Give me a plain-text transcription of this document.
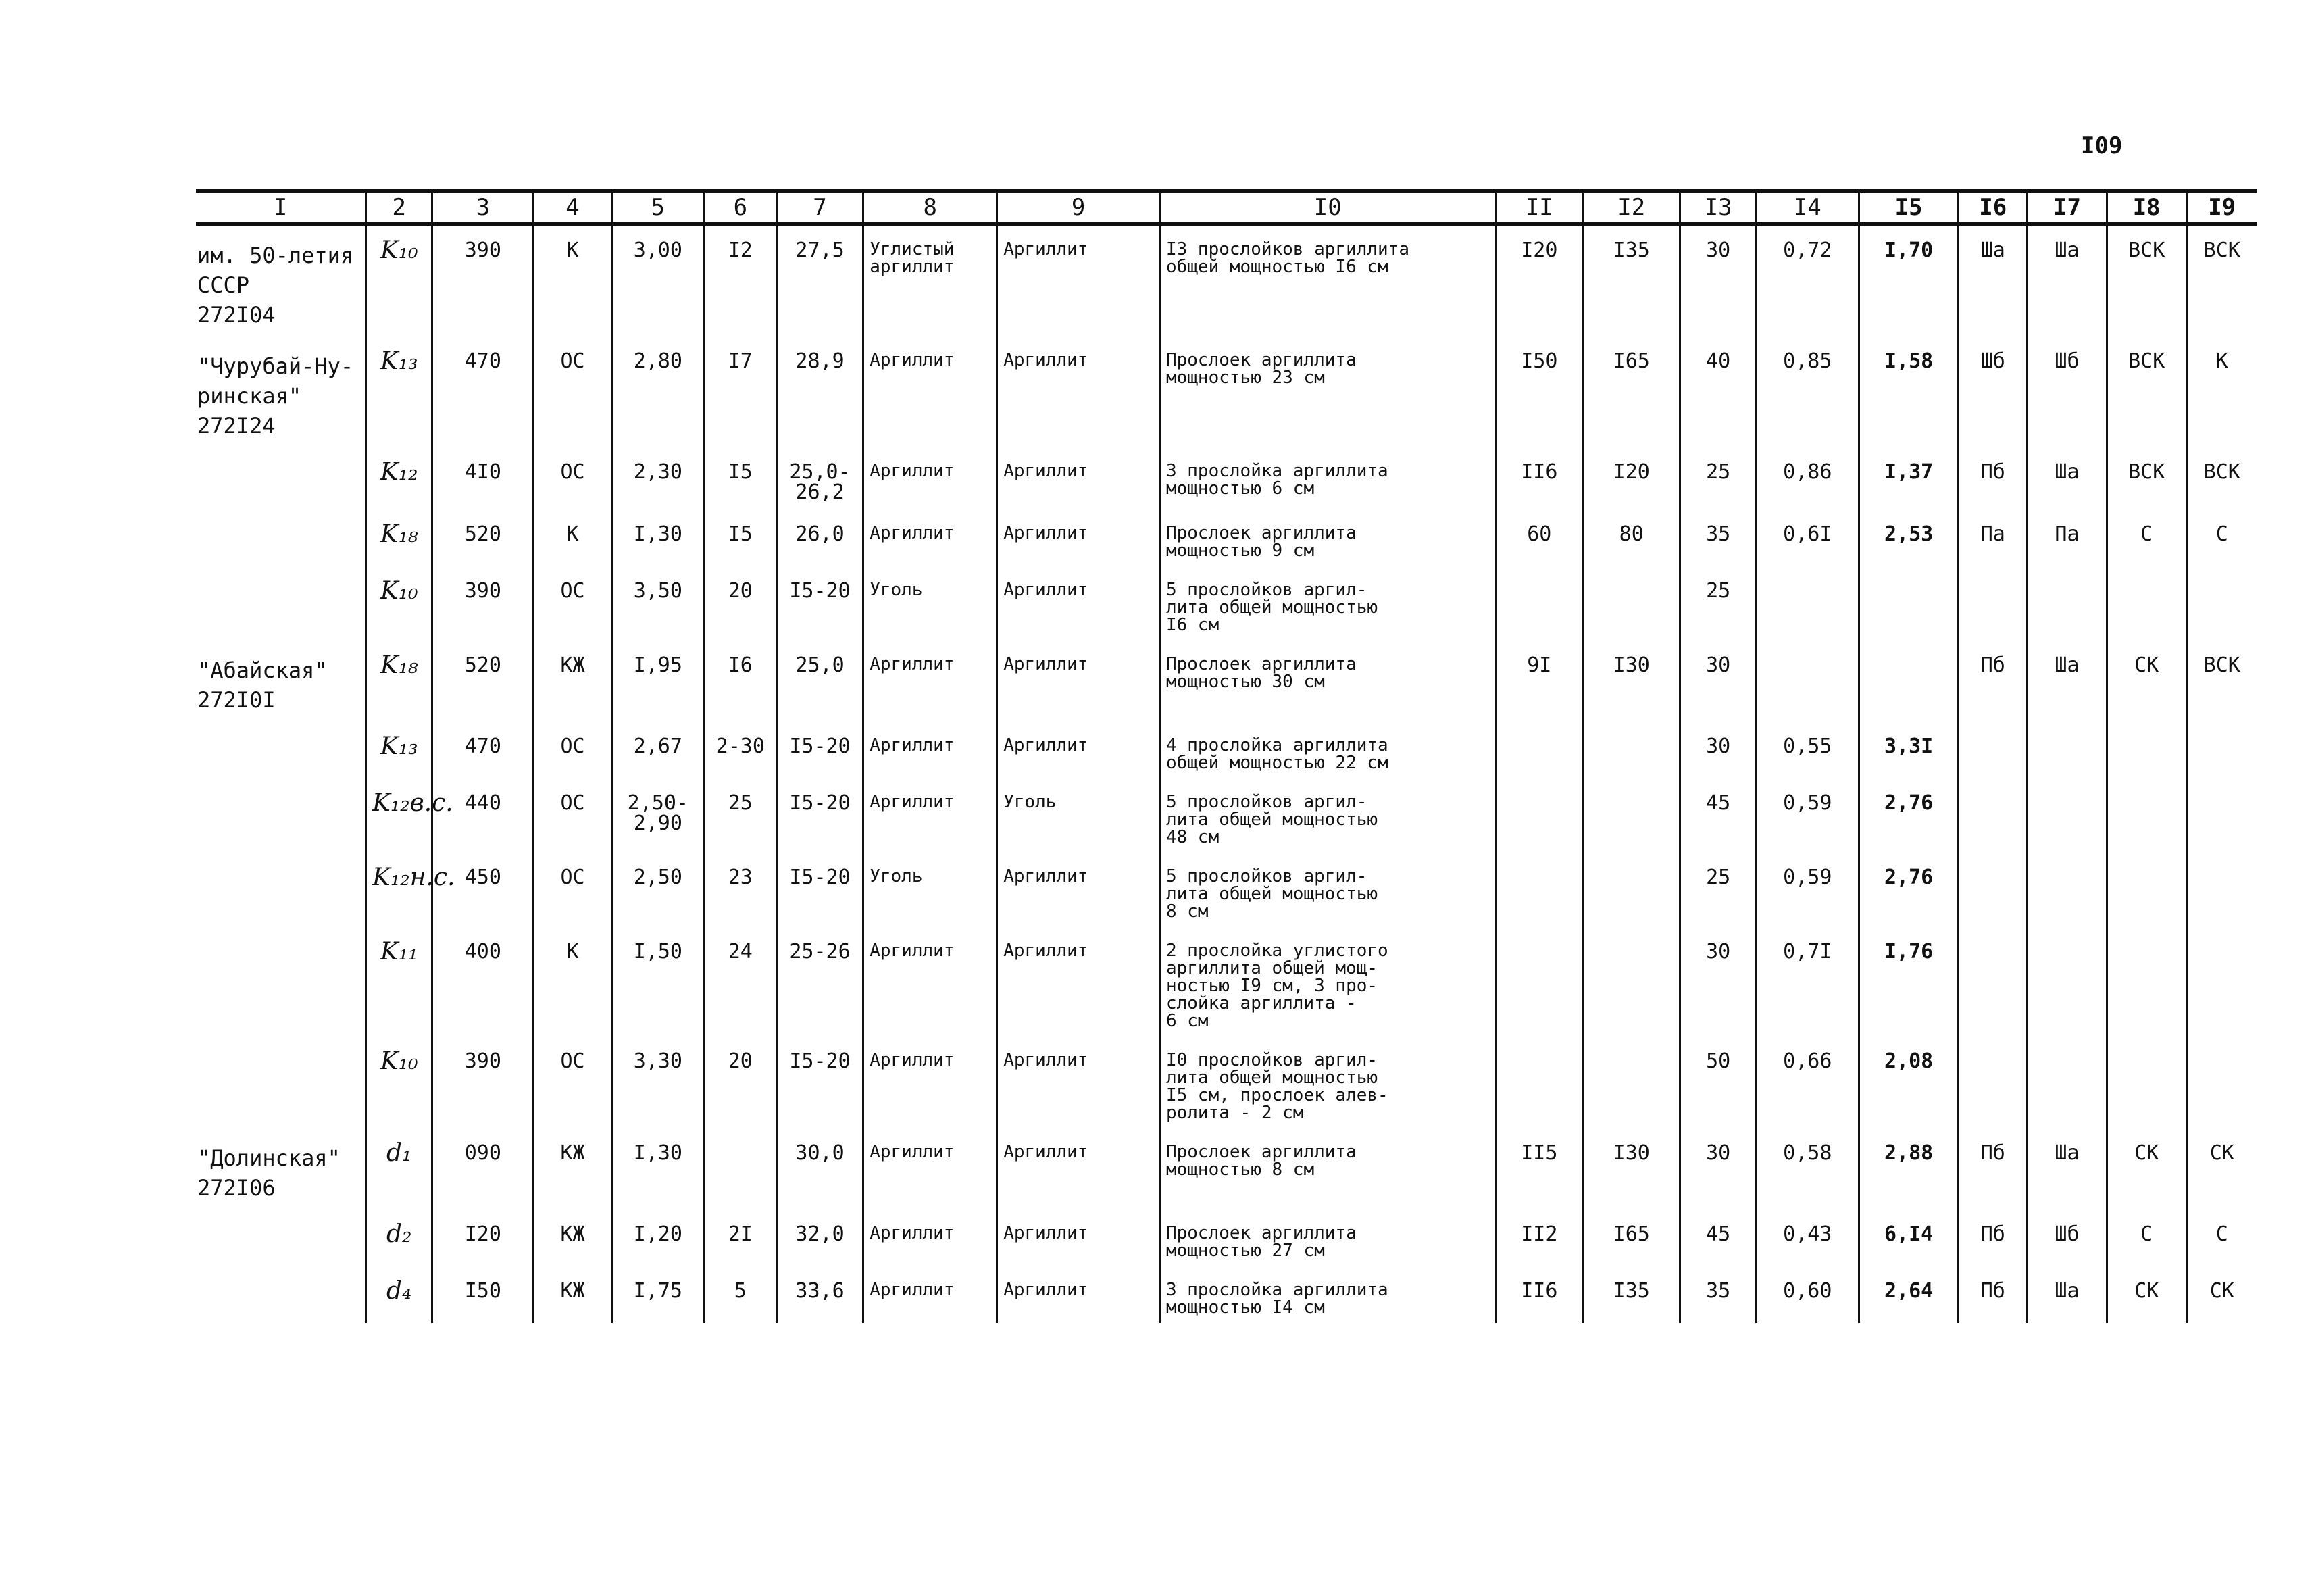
I09
I	2	3	4	5	6	7	8	9	I0	II	I2	I3	I4	I5	I6	I7	I8	I9
им. 50-летия
СССР
272I04	K₁₀	390	K	3,00	I2	27,5	Углистый
аргиллит	Аргиллит	I3 прослойков аргиллита
общей мощностью I6 см	I20	I35	30	0,72	I,70	Ша	Ша	ВСК	ВСК
"Чурубай-Ну-
ринская"
272I24	K₁₃	470	ОС	2,80	I7	28,9	Аргиллит	Аргиллит	Прослоек аргиллита
мощностью 23 см	I50	I65	40	0,85	I,58	Шб	Шб	ВСК	K
	K₁₂	4I0	ОС	2,30	I5	25,0-
26,2	Аргиллит	Аргиллит	3 прослойка аргиллита
мощностью 6 см	II6	I20	25	0,86	I,37	Пб	Ша	ВСК	ВСК
	K₁₈	520	K	I,30	I5	26,0	Аргиллит	Аргиллит	Прослоек аргиллита
мощностью 9 см	60	80	35	0,6I	2,53	Па	Па	С	С
	K₁₀	390	ОС	3,50	20	I5-20	Уголь	Аргиллит	5 прослойков аргил-
лита общей мощностью
I6 см			25						
"Абайская"
272I0I	K₁₈	520	КЖ	I,95	I6	25,0	Аргиллит	Аргиллит	Прослоек аргиллита
мощностью 30 см	9I	I30	30			Пб	Ша	СК	ВСК
	K₁₃	470	ОС	2,67	2-30	I5-20	Аргиллит	Аргиллит	4 прослойка аргиллита
общей мощностью 22 см			30	0,55	3,3I				
	K₁₂в.с.	440	ОС	2,50-
2,90	25	I5-20	Аргиллит	Уголь	5 прослойков аргил-
лита общей мощностью
48 см			45	0,59	2,76				
	K₁₂н.с.	450	ОС	2,50	23	I5-20	Уголь	Аргиллит	5 прослойков аргил-
лита общей мощностью
8 см			25	0,59	2,76				
	K₁₁	400	K	I,50	24	25-26	Аргиллит	Аргиллит	2 прослойка углистого
аргиллита общей мощ-
ностью I9 см, 3 про-
слойка аргиллита -
6 см			30	0,7I	I,76				
	K₁₀	390	ОС	3,30	20	I5-20	Аргиллит	Аргиллит	I0 прослойков аргил-
лита общей мощностью
I5 см, прослоек алев-
ролита - 2 см			50	0,66	2,08				
"Долинская"
272I06	d₁	090	КЖ	I,30		30,0	Аргиллит	Аргиллит	Прослоек аргиллита
мощностью 8 см	II5	I30	30	0,58	2,88	Пб	Ша	СК	СК
	d₂	I20	КЖ	I,20	2I	32,0	Аргиллит	Аргиллит	Прослоек аргиллита
мощностью 27 см	II2	I65	45	0,43	6,I4	Пб	Шб	С	С
	d₄	I50	КЖ	I,75	5	33,6	Аргиллит	Аргиллит	3 прослойка аргиллита
мощностью I4 см	II6	I35	35	0,60	2,64	Пб	Ша	СК	СК
